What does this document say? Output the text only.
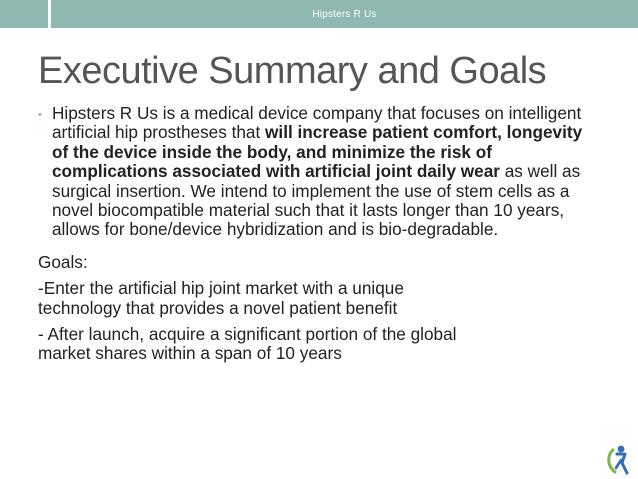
Hipsters R Us
Executive Summary and Goals
• Hipsters R Us is a medical device company that focuses on intelligent artificial hip prostheses that will increase patient comfort, longevity of the device inside the body, and minimize the risk of complications associated with artificial joint daily wear as well as surgical insertion. We intend to implement the use of stem cells as a novel biocompatible material such that it lasts longer than 10 years, allows for bone/device hybridization and is bio-degradable.
Goals:
-Enter the artificial hip joint market with a unique
technology that provides a novel patient benefit
- After launch, acquire a significant portion of the global
market shares within a span of 10 years
